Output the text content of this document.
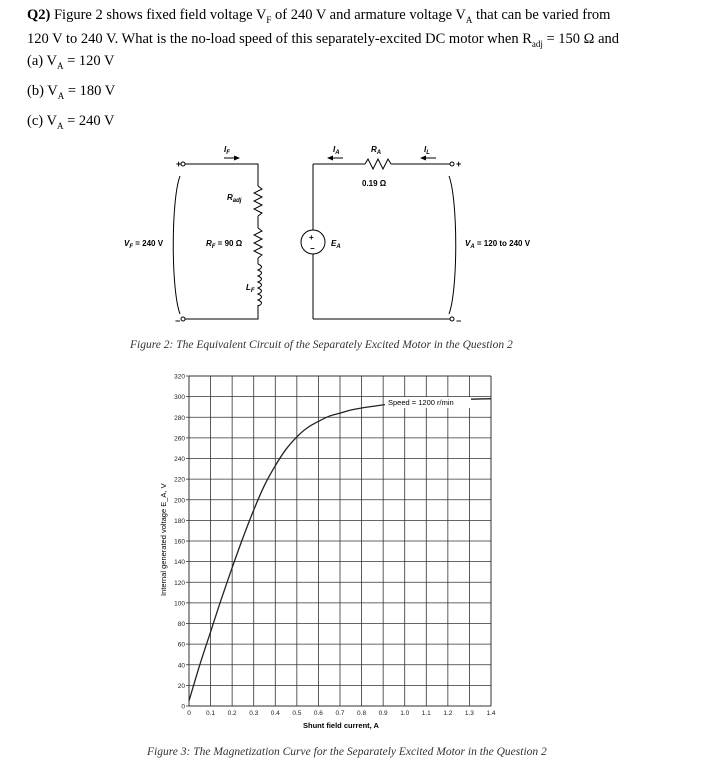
Q2) Figure 2 shows fixed field voltage $V_F$ of 240 V and armature voltage $V_A$ that can be varied from
120 V to 240 V. What is the no-load speed of this separately-excited DC motor when $R_{adj} = 150$ Ω and
(a) $V_A = 120$ V
(b) $V_A = 180$ V
(c) $V_A = 240$ V
+
−
+
−
+
−
$I_F$	$I_A$	$R_A$	$I_L$
$R_{adj}$
$R_F = 90$ Ω
$L_F$
$E_A$
$V_F = 240$ V	$V_A = 120$ to 240 V
0.19 Ω
Figure 2: The Equivalent Circuit of the Separately Excited Motor in the Question 2
0
20
40
60
80
100
120
140
160
180
200
220
240
260
280
300
320
0 0.1 0.2 0.3 0.4 0.5 0.6 0.7 0.8 0.9 1.0 1.1 1.2 1.3 1.4
Speed = 1200 r/min
Shunt field current, A
Internal generated voltage E_A, V
Figure 3: The Magnetization Curve for the Separately Excited Motor in the Question 2
